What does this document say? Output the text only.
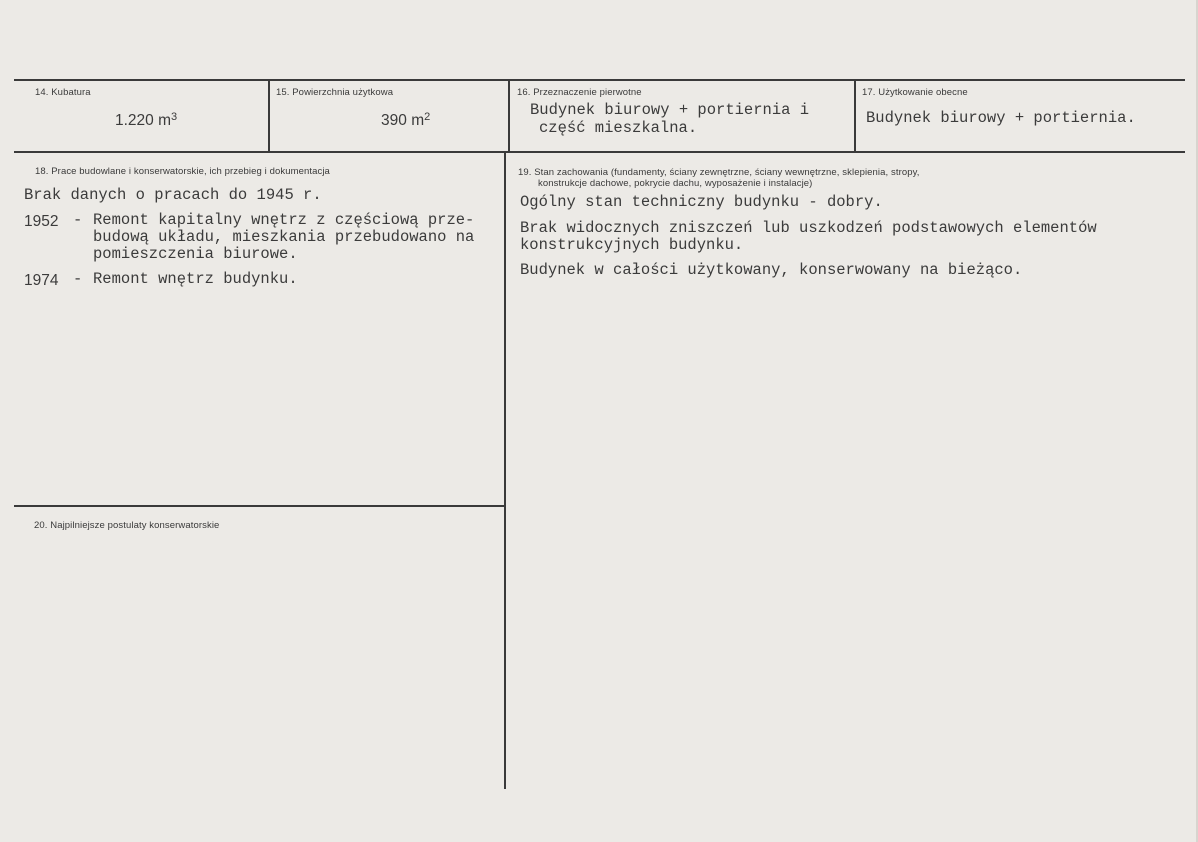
14. Kubatura
1.220 $m^3$
15. Powierzchnia użytkowa
390 $m^2$
16. Przeznaczenie pierwotne
Budynek biurowy + portiernia i
część mieszkalna.
17. Użytkowanie obecne
Budynek biurowy + portiernia.
18. Prace budowlane i konserwatorskie, ich przebieg i dokumentacja
Brak danych o pracach do 1945 r.
1952 - Remont kapitalny wnętrz z częściową prze-
budową układu, mieszkania przebudowano na
pomieszczenia biurowe.
1974 - Remont wnętrz budynku.
19. Stan zachowania (fundamenty, ściany zewnętrzne, ściany wewnętrzne, sklepienia, stropy,
konstrukcje dachowe, pokrycie dachu, wyposażenie i instalacje)
Ogólny stan techniczny budynku - dobry.
Brak widocznych zniszczeń lub uszkodzeń podstawowych elementów
konstrukcyjnych budynku.
Budynek w całości użytkowany, konserwowany na bieżąco.
20. Najpilniejsze postulaty konserwatorskie
